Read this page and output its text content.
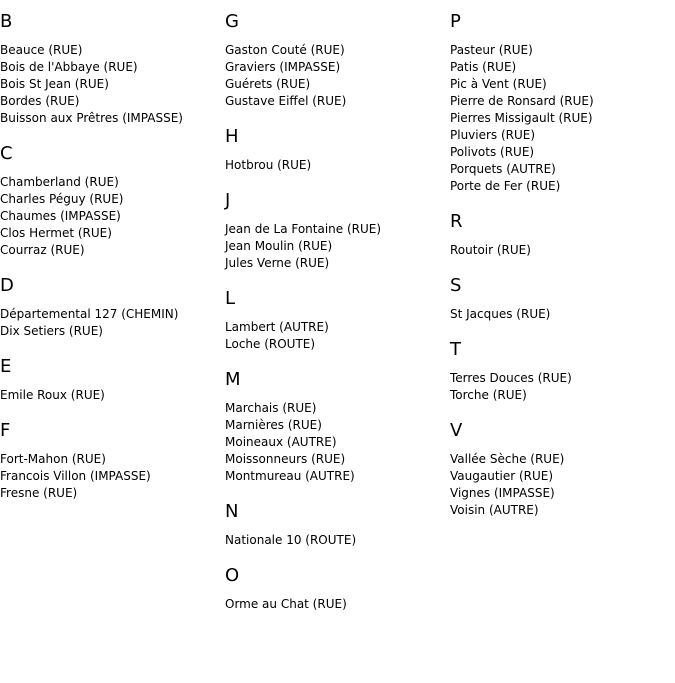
B
Beauce (RUE)
Bois de l'Abbaye (RUE)
Bois St Jean (RUE)
Bordes (RUE)
Buisson aux Prêtres (IMPASSE)
C
Chamberland (RUE)
Charles Péguy (RUE)
Chaumes (IMPASSE)
Clos Hermet (RUE)
Courraz (RUE)
D
Départemental 127 (CHEMIN)
Dix Setiers (RUE)
E
Emile Roux (RUE)
F
Fort-Mahon (RUE)
Francois Villon (IMPASSE)
Fresne (RUE)
G
Gaston Couté (RUE)
Graviers (IMPASSE)
Guérets (RUE)
Gustave Eiffel (RUE)
H
Hotbrou (RUE)
J
Jean de La Fontaine (RUE)
Jean Moulin (RUE)
Jules Verne (RUE)
L
Lambert (AUTRE)
Loche (ROUTE)
M
Marchais (RUE)
Marnières (RUE)
Moineaux (AUTRE)
Moissonneurs (RUE)
Montmureau (AUTRE)
N
Nationale 10 (ROUTE)
O
Orme au Chat (RUE)
P
Pasteur (RUE)
Patis (RUE)
Pic à Vent (RUE)
Pierre de Ronsard (RUE)
Pierres Missigault (RUE)
Pluviers (RUE)
Polivots (RUE)
Porquets (AUTRE)
Porte de Fer (RUE)
R
Routoir (RUE)
S
St Jacques (RUE)
T
Terres Douces (RUE)
Torche (RUE)
V
Vallée Sèche (RUE)
Vaugautier (RUE)
Vignes (IMPASSE)
Voisin (AUTRE)
